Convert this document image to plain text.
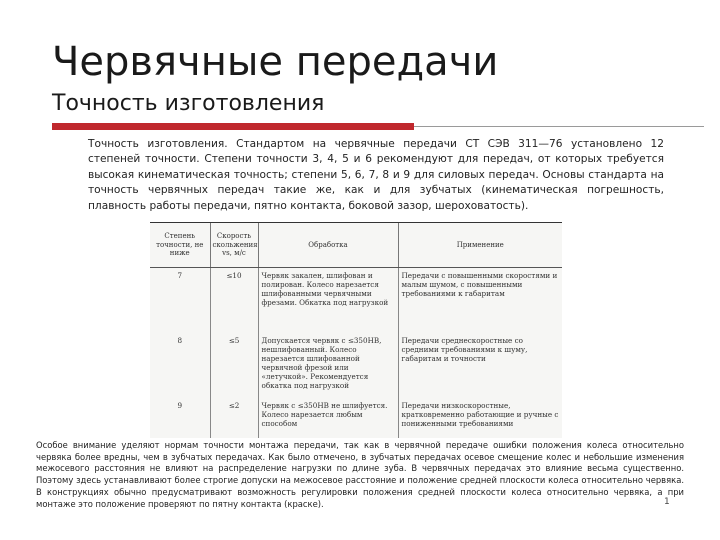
Червячные передачи
Точность изготовления
Точность изготовления. Стандартом на червячные передачи СТ СЭВ 311—76 установлено 12 степеней точности. Степени точности 3, 4, 5 и 6 рекомендуют для передач, от которых требуется высокая кинематическая точность; степени 5, 6, 7, 8 и 9 для силовых передач. Основы стандарта на точность червячных передач такие же, как и для зубчатых (кинематическая погрешность, плавность работы передачи, пятно контакта, боковой зазор, шероховатость).
Степень точности, не ниже	Скорость скольжения vs, м/с	Обработка	Применение
7	≤10	Червяк закален, шлифован и полирован. Колесо нарезается шлифованными червячными фрезами. Обкатка под нагрузкой	Передачи с повышенными скоростями и малым шумом, с повышенными требованиями к габаритам
8	≤5	Допускается червяк с ≤350НВ, нешлифованный. Колесо нарезается шлифованной червячной фрезой или «летучкой». Рекомендуется обкатка под нагрузкой	Передачи среднескоростные со средними требованиями к шуму, габаритам и точности
9	≤2	Червяк с ≤350НВ не шлифуется. Колесо нарезается любым способом	Передачи низкоскоростные, кратковременно работающие и ручные с пониженными требованиями
Особое внимание уделяют нормам точности монтажа передачи, так как в червячной передаче ошибки положения колеса относительно червяка более вредны, чем в зубчатых передачах. Как было отмечено, в зубчатых передачах осевое смещение колес и небольшие изменения межосевого расстояния не влияют на распределение нагрузки по длине зуба. В червячных передачах это влияние весьма существенно. Поэтому здесь устанавливают более строгие допуски на межосевое расстояние и положение средней плоскости колеса относительно червяка. В конструкциях обычно предусматривают возможность регулировки положения средней плоскости колеса относительно червяка, а при монтаже это положение проверяют по пятну контакта (краске).	1
